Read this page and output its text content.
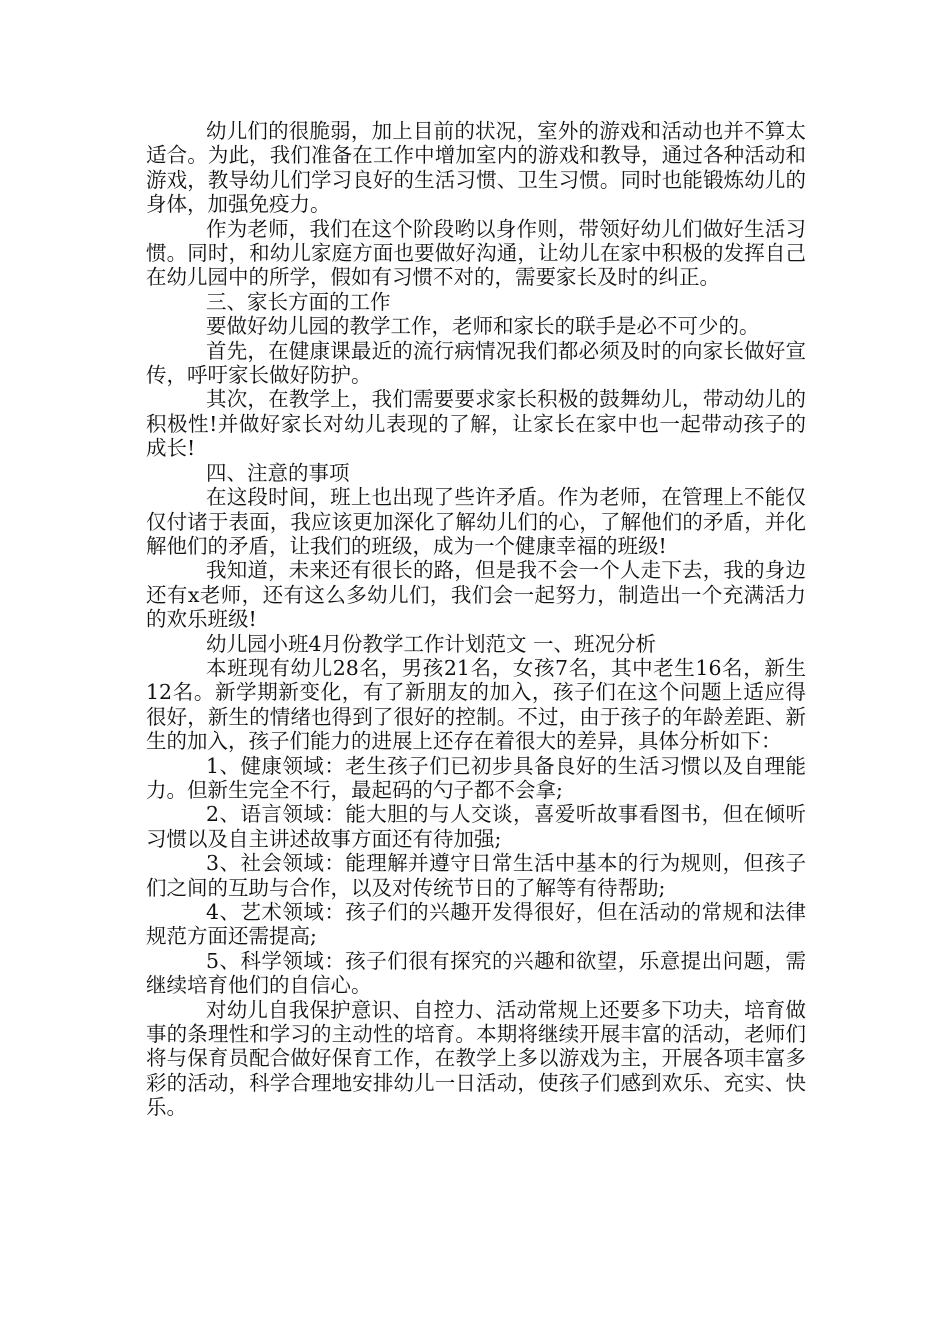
幼儿们的很脆弱，加上目前的状况，室外的游戏和活动也并不算太适合。为此，我们准备在工作中增加室内的游戏和教导，通过各种活动和游戏，教导幼儿们学习良好的生活习惯、卫生习惯。同时也能锻炼幼儿的身体，加强免疫力。

作为老师，我们在这个阶段哟以身作则，带领好幼儿们做好生活习惯。同时，和幼儿家庭方面也要做好沟通，让幼儿在家中积极的发挥自己在幼儿园中的所学，假如有习惯不对的，需要家长及时的纠正。

三、家长方面的工作

要做好幼儿园的教学工作，老师和家长的联手是必不可少的。

首先，在健康课最近的流行病情况我们都必须及时的向家长做好宣传，呼吁家长做好防护。

其次，在教学上，我们需要要求家长积极的鼓舞幼儿，带动幼儿的积极性!并做好家长对幼儿表现的了解，让家长在家中也一起带动孩子的成长!

四、注意的事项

在这段时间，班上也出现了些许矛盾。作为老师，在管理上不能仅仅付诸于表面，我应该更加深化了解幼儿们的心，了解他们的矛盾，并化解他们的矛盾，让我们的班级，成为一个健康幸福的班级!

我知道，未来还有很长的路，但是我不会一个人走下去，我的身边还有x老师，还有这么多幼儿们，我们会一起努力，制造出一个充满活力的欢乐班级!

幼儿园小班4月份教学工作计划范文 一、班况分析

本班现有幼儿28名，男孩21名，女孩7名，其中老生16名，新生12名。新学期新变化，有了新朋友的加入，孩子们在这个问题上适应得很好，新生的情绪也得到了很好的控制。不过，由于孩子的年龄差距、新生的加入，孩子们能力的进展上还存在着很大的差异，具体分析如下：

1、健康领域：老生孩子们已初步具备良好的生活习惯以及自理能力。但新生完全不行，最起码的勺子都不会拿;

2、语言领域：能大胆的与人交谈，喜爱听故事看图书，但在倾听习惯以及自主讲述故事方面还有待加强;

3、社会领域：能理解并遵守日常生活中基本的行为规则，但孩子们之间的互助与合作，以及对传统节日的了解等有待帮助;

4、艺术领域：孩子们的兴趣开发得很好，但在活动的常规和法律规范方面还需提高;

5、科学领域：孩子们很有探究的兴趣和欲望，乐意提出问题，需继续培育他们的自信心。

对幼儿自我保护意识、自控力、活动常规上还要多下功夫，培育做事的条理性和学习的主动性的培育。本期将继续开展丰富的活动，老师们将与保育员配合做好保育工作，在教学上多以游戏为主，开展各项丰富多彩的活动，科学合理地安排幼儿一日活动，使孩子们感到欢乐、充实、快乐。
